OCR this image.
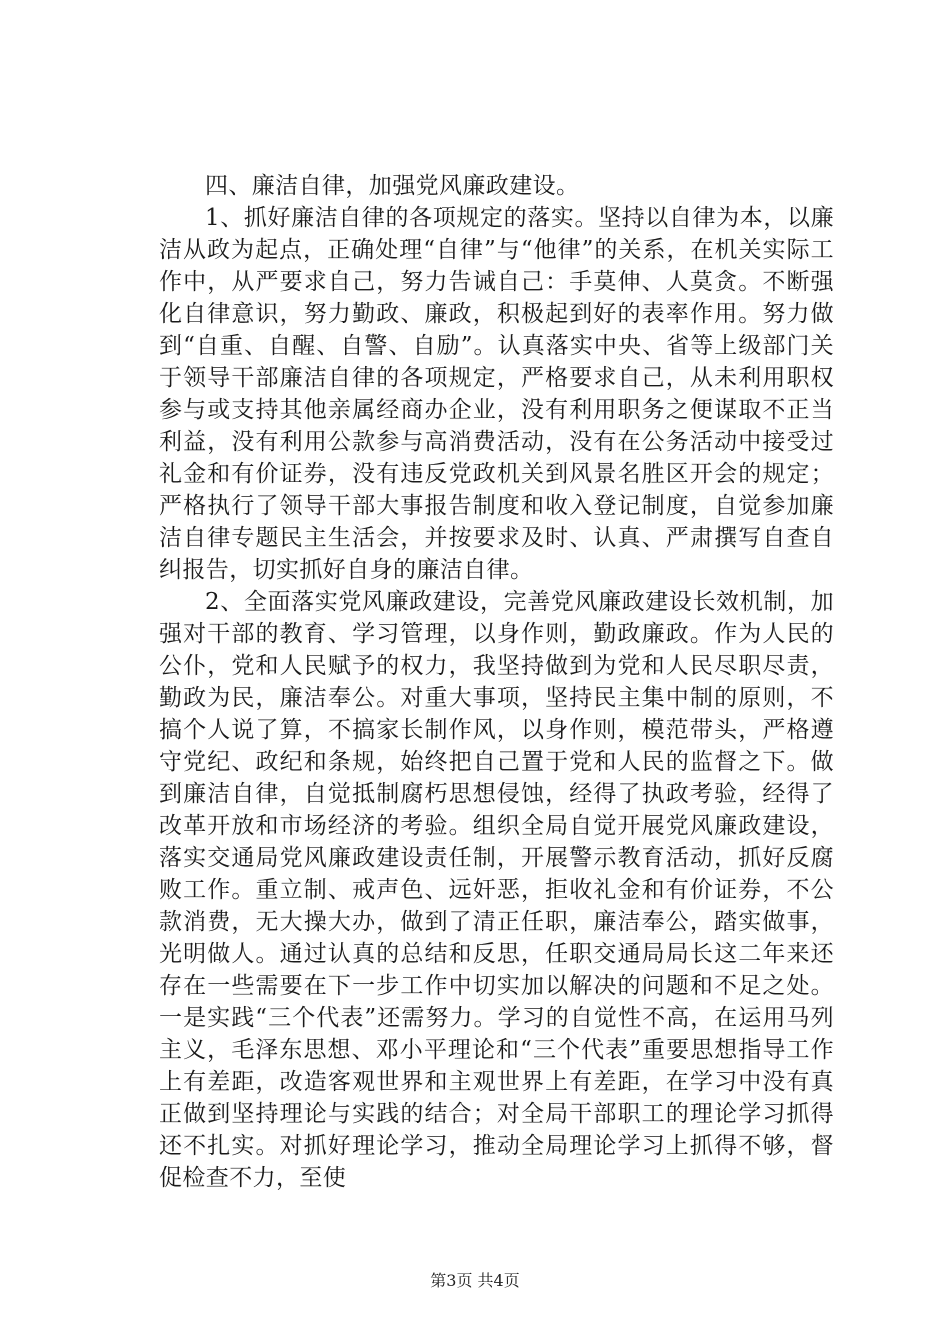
四、廉洁自律，加强党风廉政建设。

1、抓好廉洁自律的各项规定的落实。坚持以自律为本，以廉洁从政为起点，正确处理“自律”与“他律”的关系，在机关实际工作中，从严要求自己，努力告诫自己：手莫伸、人莫贪。不断强化自律意识，努力勤政、廉政，积极起到好的表率作用。努力做到“自重、自醒、自警、自励”。认真落实中央、省等上级部门关于领导干部廉洁自律的各项规定，严格要求自己，从未利用职权参与或支持其他亲属经商办企业，没有利用职务之便谋取不正当利益，没有利用公款参与高消费活动，没有在公务活动中接受过礼金和有价证券，没有违反党政机关到风景名胜区开会的规定；严格执行了领导干部大事报告制度和收入登记制度，自觉参加廉洁自律专题民主生活会，并按要求及时、认真、严肃撰写自查自纠报告，切实抓好自身的廉洁自律。

2、全面落实党风廉政建设，完善党风廉政建设长效机制，加强对干部的教育、学习管理，以身作则，勤政廉政。作为人民的公仆，党和人民赋予的权力，我坚持做到为党和人民尽职尽责，勤政为民，廉洁奉公。对重大事项，坚持民主集中制的原则，不搞个人说了算，不搞家长制作风，以身作则，模范带头，严格遵守党纪、政纪和条规，始终把自己置于党和人民的监督之下。做到廉洁自律，自觉抵制腐朽思想侵蚀，经得了执政考验，经得了改革开放和市场经济的考验。组织全局自觉开展党风廉政建设，落实交通局党风廉政建设责任制，开展警示教育活动，抓好反腐败工作。重立制、戒声色、远奸恶，拒收礼金和有价证券，不公款消费，无大操大办，做到了清正任职，廉洁奉公，踏实做事，光明做人。通过认真的总结和反思，任职交通局局长这二年来还存在一些需要在下一步工作中切实加以解决的问题和不足之处。一是实践“三个代表”还需努力。学习的自觉性不高，在运用马列主义，毛泽东思想、邓小平理论和“三个代表”重要思想指导工作上有差距，改造客观世界和主观世界上有差距，在学习中没有真正做到坚持理论与实践的结合；对全局干部职工的理论学习抓得还不扎实。对抓好理论学习，推动全局理论学习上抓得不够，督促检查不力，至使

第3页 共4页
